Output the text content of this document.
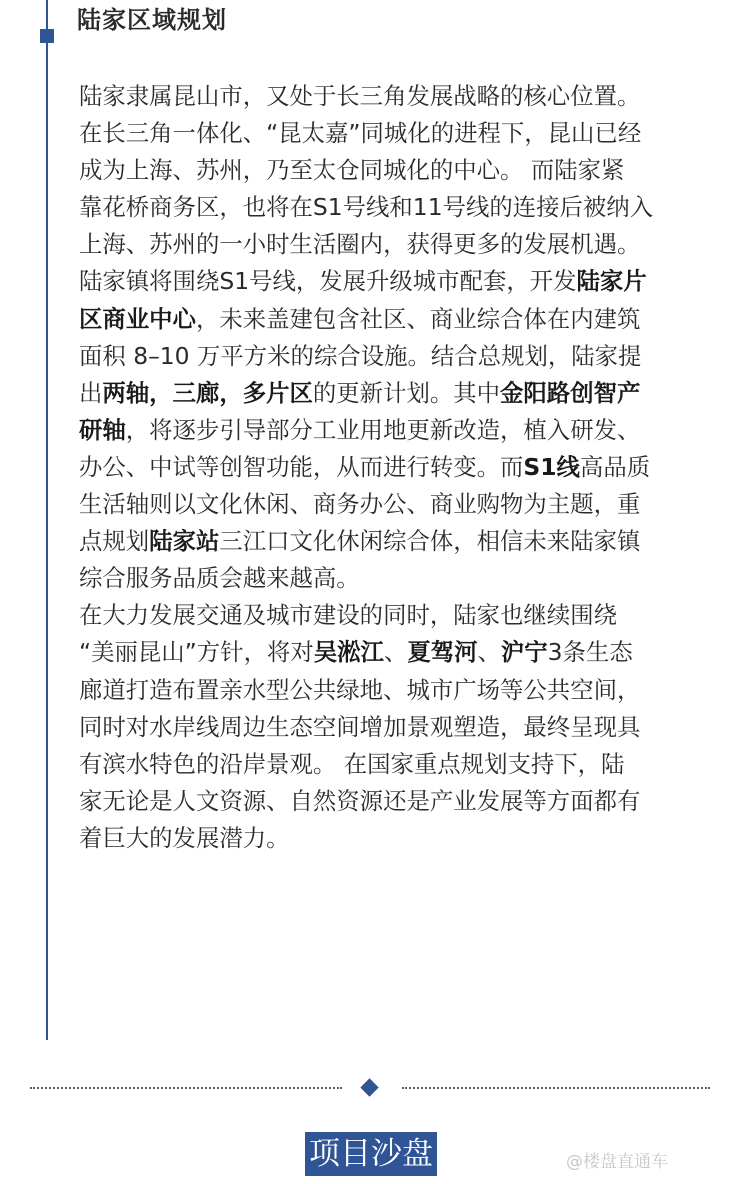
陆家区域规划

陆家隶属昆山市，又处于长三角发展战略的核心位置。

在长三角一体化、“昆太嘉”同城化的进程下，昆山已经

成为上海、苏州，乃至太仓同城化的中心。 而陆家紧

靠花桥商务区，也将在S1号线和11号线的连接后被纳入

上海、苏州的一小时生活圈内，获得更多的发展机遇。

陆家镇将围绕S1号线，发展升级城市配套，开发陆家片

区商业中心，未来盖建包含社区、商业综合体在内建筑

面积 8–10 万平方米的综合设施。结合总规划，陆家提

出两轴，三廊，多片区的更新计划。其中金阳路创智产

研轴，将逐步引导部分工业用地更新改造，植入研发、

办公、中试等创智功能，从而进行转变。而S1线高品质

生活轴则以文化休闲、商务办公、商业购物为主题，重

点规划陆家站三江口文化休闲综合体，相信未来陆家镇

综合服务品质会越来越高。

在大力发展交通及城市建设的同时，陆家也继续围绕

“美丽昆山”方针，将对吴淞江、夏驾河、沪宁3条生态

廊道打造布置亲水型公共绿地、城市广场等公共空间，

同时对水岸线周边生态空间增加景观塑造，最终呈现具

有滨水特色的沿岸景观。 在国家重点规划支持下，陆

家无论是人文资源、自然资源还是产业发展等方面都有

着巨大的发展潜力。

项目沙盘	@楼盘直通车
